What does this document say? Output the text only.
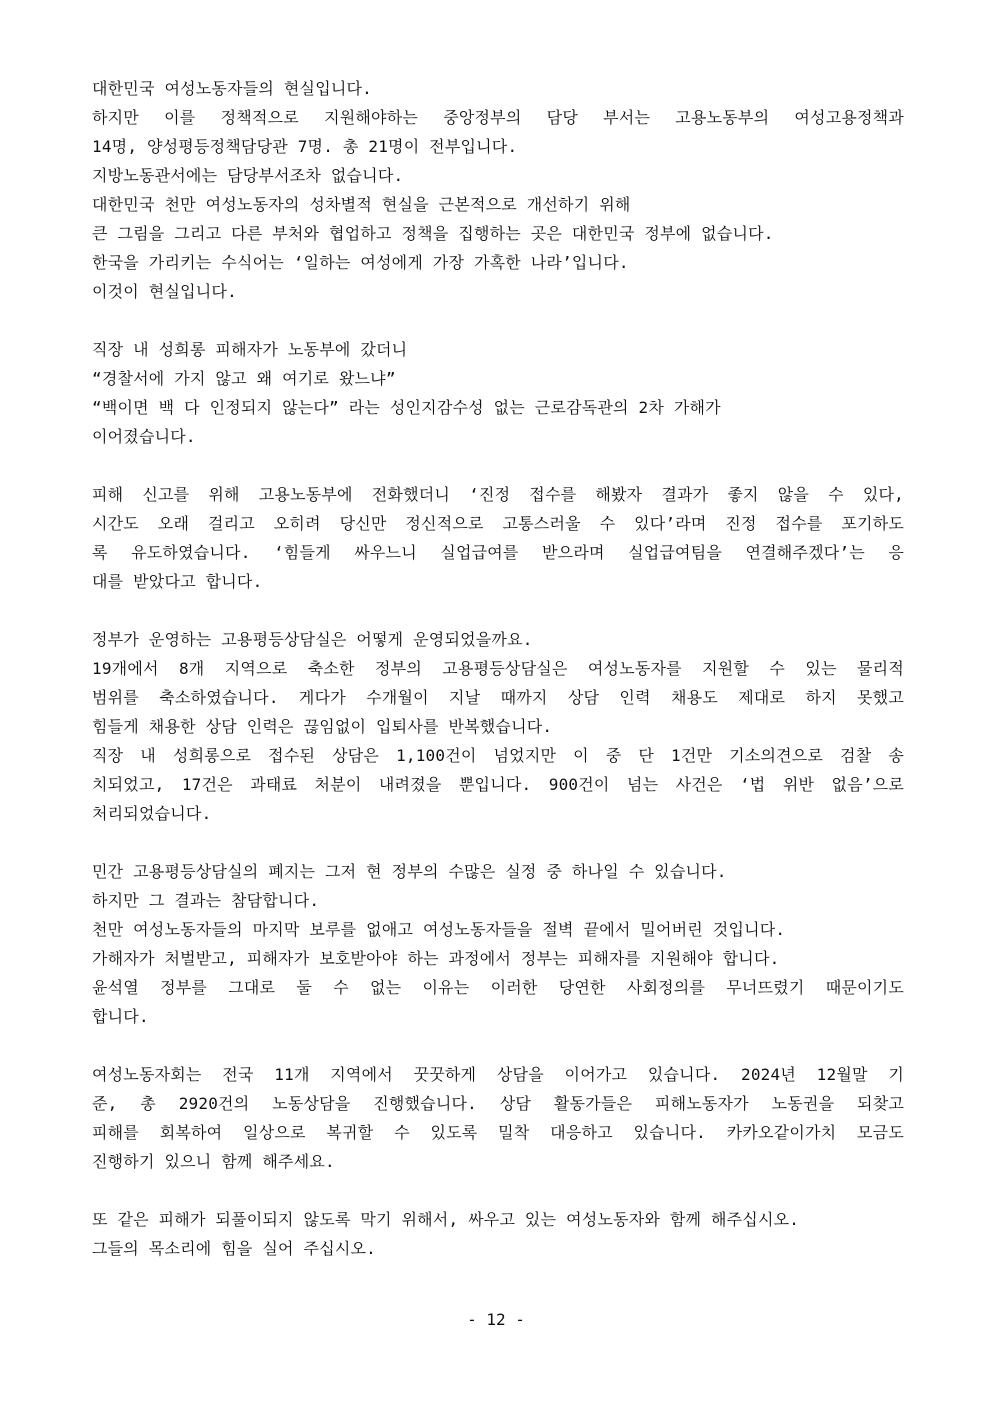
대한민국 여성노동자들의 현실입니다.
하지만 이를 정책적으로 지원해야하는 중앙정부의 담당 부서는 고용노동부의 여성고용정책과
14명, 양성평등정책담당관 7명. 총 21명이 전부입니다.
지방노동관서에는 담당부서조차 없습니다.
대한민국 천만 여성노동자의 성차별적 현실을 근본적으로 개선하기 위해
큰 그림을 그리고 다른 부처와 협업하고 정책을 집행하는 곳은 대한민국 정부에 없습니다.
한국을 가리키는 수식어는 ‘일하는 여성에게 가장 가혹한 나라’입니다.
이것이 현실입니다.
직장 내 성희롱 피해자가 노동부에 갔더니
“경찰서에 가지 않고 왜 여기로 왔느냐”
“백이면 백 다 인정되지 않는다” 라는 성인지감수성 없는 근로감독관의 2차 가해가
이어졌습니다.
피해 신고를 위해 고용노동부에 전화했더니 ‘진정 접수를 해봤자 결과가 좋지 않을 수 있다,
시간도 오래 걸리고 오히려 당신만 정신적으로 고통스러울 수 있다’라며 진정 접수를 포기하도
록 유도하였습니다. ‘힘들게 싸우느니 실업급여를 받으라며 실업급여팀을 연결해주겠다’는 응
대를 받았다고 합니다.
정부가 운영하는 고용평등상담실은 어떻게 운영되었을까요.
19개에서 8개 지역으로 축소한 정부의 고용평등상담실은 여성노동자를 지원할 수 있는 물리적
범위를 축소하였습니다. 게다가 수개월이 지날 때까지 상담 인력 채용도 제대로 하지 못했고
힘들게 채용한 상담 인력은 끊임없이 입퇴사를 반복했습니다.
직장 내 성희롱으로 접수된 상담은 1,100건이 넘었지만 이 중 단 1건만 기소의견으로 검찰 송
치되었고, 17건은 과태료 처분이 내려졌을 뿐입니다. 900건이 넘는 사건은 ‘법 위반 없음’으로
처리되었습니다.
민간 고용평등상담실의 폐지는 그저 현 정부의 수많은 실정 중 하나일 수 있습니다.
하지만 그 결과는 참담합니다.
천만 여성노동자들의 마지막 보루를 없애고 여성노동자들을 절벽 끝에서 밀어버린 것입니다.
가해자가 처벌받고, 피해자가 보호받아야 하는 과정에서 정부는 피해자를 지원해야 합니다.
윤석열 정부를 그대로 둘 수 없는 이유는 이러한 당연한 사회정의를 무너뜨렸기 때문이기도
합니다.
여성노동자회는 전국 11개 지역에서 꿋꿋하게 상담을 이어가고 있습니다. 2024년 12월말 기
준, 총 2920건의 노동상담을 진행했습니다. 상담 활동가들은 피해노동자가 노동권을 되찾고
피해를 회복하여 일상으로 복귀할 수 있도록 밀착 대응하고 있습니다. 카카오같이가치 모금도
진행하기 있으니 함께 해주세요.
또 같은 피해가 되풀이되지 않도록 막기 위해서, 싸우고 있는 여성노동자와 함께 해주십시오.
그들의 목소리에 힘을 실어 주십시오.
- 12 -
